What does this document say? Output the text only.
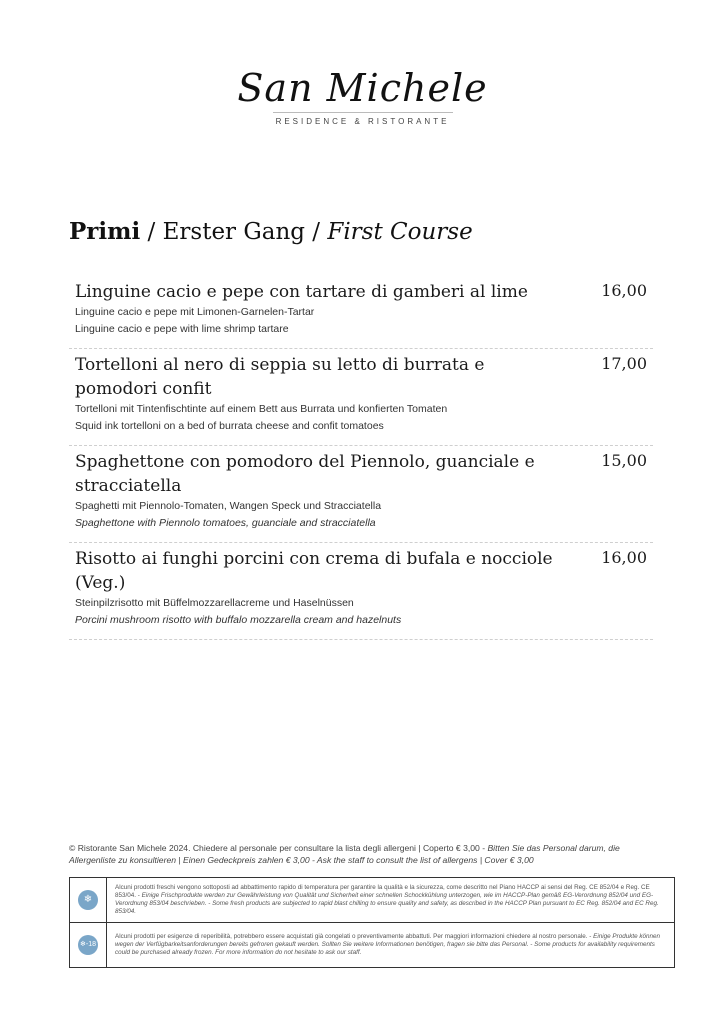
San Michele
RESIDENCE & RISTORANTE
Primi / Erster Gang / First Course
Linguine cacio e pepe con tartare di gamberi al lime	16,00
Linguine cacio e pepe mit Limonen-Garnelen-Tartar
Linguine cacio e pepe with lime shrimp tartare
Tortelloni al nero di seppia su letto di burrata e pomodori confit
17,00
Tortelloni mit Tintenfischtinte auf einem Bett aus Burrata und konfierten Tomaten
Squid ink tortelloni on a bed of burrata cheese and confit tomatoes
Spaghettone con pomodoro del Piennolo, guanciale e stracciatella
15,00
Spaghetti mit Piennolo-Tomaten, Wangen Speck und Stracciatella
Spaghettone with Piennolo tomatoes, guanciale and stracciatella
Risotto ai funghi porcini con crema di bufala e nocciole (Veg.)
16,00
Steinpilzrisotto mit Büffelmozzarellacreme und Haselnüssen
Porcini mushroom risotto with buffalo mozzarella cream and hazelnuts
© Ristorante San Michele 2024. Chiedere al personale per consultare la lista degli allergeni | Coperto € 3,00 - Bitten Sie das Personal darum, die Allergenliste zu konsultieren | Einen Gedeckpreis zahlen € 3,00 - Ask the staff to consult the list of allergens | Cover € 3,00
❄
Alcuni prodotti freschi vengono sottoposti ad abbattimento rapido di temperatura per garantire la qualità e la sicurezza, come descritto nel Piano HACCP ai sensi del Reg. CE 852/04 e Reg. CE 853/04. - Einige Frischprodukte werden zur Gewährleistung von Qualität und Sicherheit einer schnellen Schockkühlung unterzogen, wie im HACCP-Plan gemäß EG-Verordnung 852/04 und EG-Verordnung 853/04 beschrieben. - Some fresh products are subjected to rapid blast chilling to ensure quality and safety, as described in the HACCP Plan pursuant to EC Reg. 852/04 and EC Reg. 853/04.
❄-18
Alcuni prodotti per esigenze di reperibilità, potrebbero essere acquistati già congelati o preventivamente abbattuti. Per maggiori informazioni chiedere al nostro personale. - Einige Produkte können wegen der Verfügbarkeitsanforderungen bereits gefroren gekauft werden. Sollten Sie weitere Informationen benötigen, fragen sie bitte das Personal. - Some products for availability requirements could be purchased already frozen. For more information do not hesitate to ask our staff.
